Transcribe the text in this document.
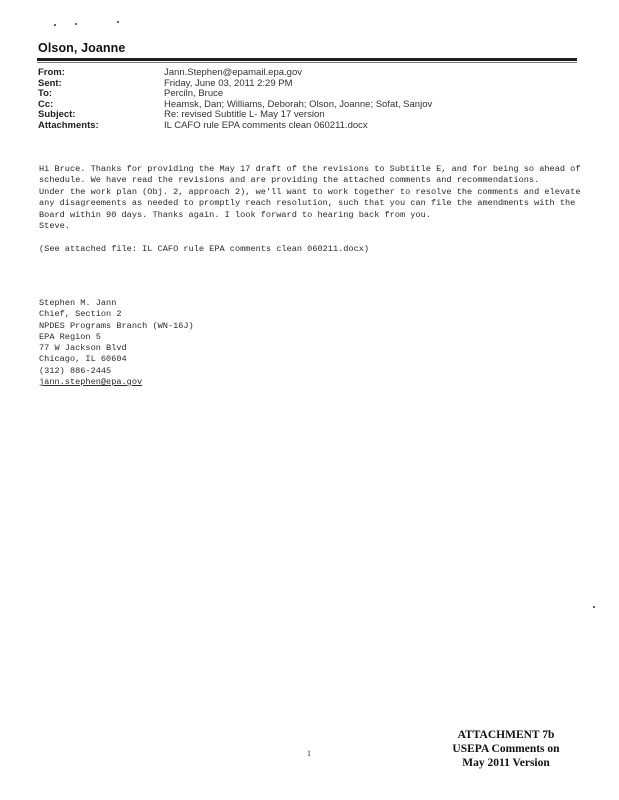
Olson, Joanne
From:	Jann.Stephen@epamail.epa.gov
Sent:	Friday, June 03, 2011 2:29 PM
To:	Perciln, Bruce
Cc:	Heamsk, Dan; Williams, Deborah; Olson, Joanne; Sofat, Sanjov
Subject:	Re: revised Subtitle L- May 17 version
Attachments:	IL CAFO rule EPA comments clean 060211.docx

Hi Bruce. Thanks for providing the May 17 draft of the revisions to Subtitle E, and for being so ahead of schedule. We have read the revisions and are providing the attached comments and recommendations.

Under the work plan (Obj. 2, approach 2), we'll want to work together to resolve the comments and elevate any disagreements as needed to promptly reach resolution, such that you can file the amendments with the Board within 90 days. Thanks again. I look forward to hearing back from you.

Steve.

(See attached file: IL CAFO rule EPA comments clean 060211.docx)

Stephen M. Jann
Chief, Section 2
NPDES Programs Branch (WN-16J)
EPA Region 5
77 W Jackson Blvd
Chicago, IL 60604
(312) 886-2445
jann.stephen@epa.gov
1
ATTACHMENT 7b
USEPA Comments on
May 2011 Version
